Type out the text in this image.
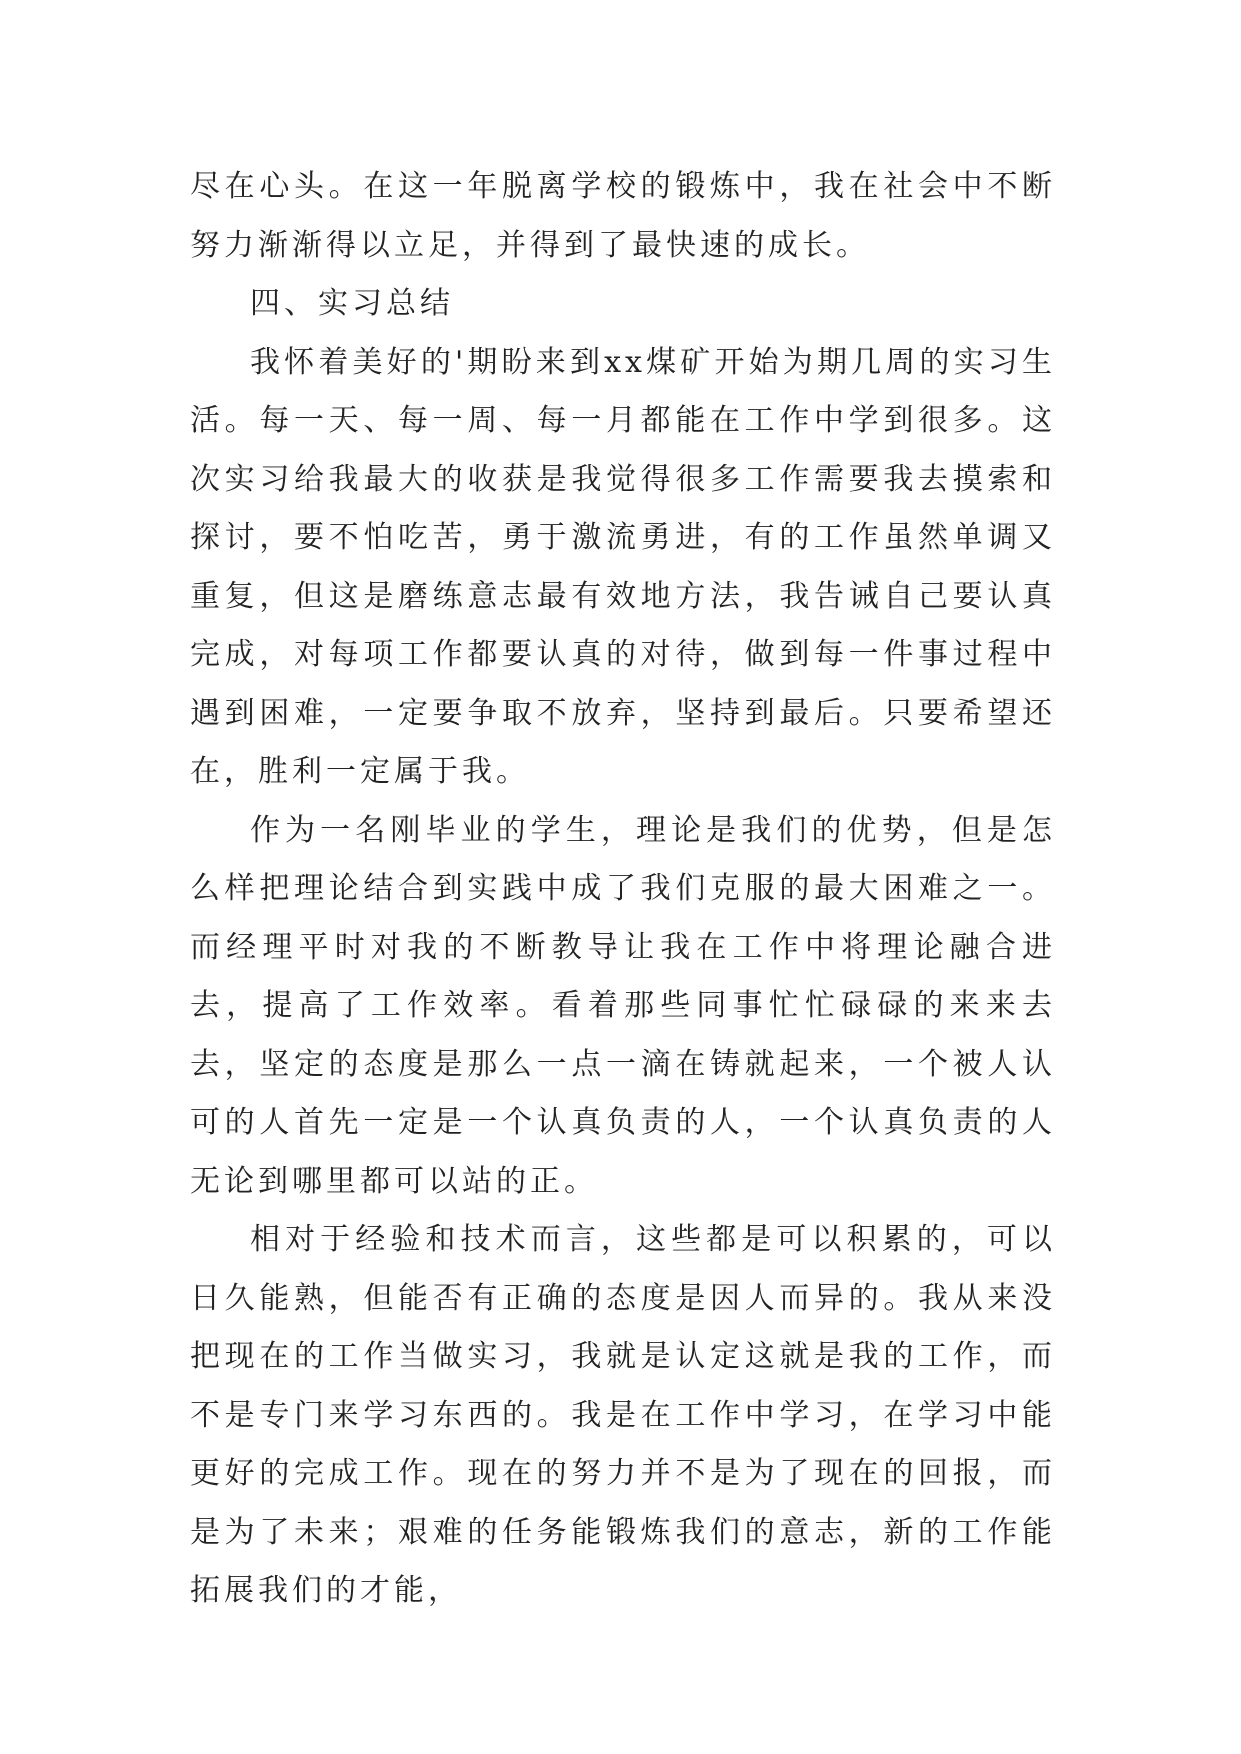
尽在心头。在这一年脱离学校的锻炼中，我在社会中不断努力渐渐得以立足，并得到了最快速的成长。

四、实习总结

我怀着美好的'期盼来到xx煤矿开始为期几周的实习生活。每一天、每一周、每一月都能在工作中学到很多。这次实习给我最大的收获是我觉得很多工作需要我去摸索和探讨，要不怕吃苦，勇于激流勇进，有的工作虽然单调又重复，但这是磨练意志最有效地方法，我告诫自己要认真完成，对每项工作都要认真的对待，做到每一件事过程中遇到困难，一定要争取不放弃，坚持到最后。只要希望还在，胜利一定属于我。

作为一名刚毕业的学生，理论是我们的优势，但是怎么样把理论结合到实践中成了我们克服的最大困难之一。而经理平时对我的不断教导让我在工作中将理论融合进去，提高了工作效率。看着那些同事忙忙碌碌的来来去去，坚定的态度是那么一点一滴在铸就起来，一个被人认可的人首先一定是一个认真负责的人，一个认真负责的人无论到哪里都可以站的正。

相对于经验和技术而言，这些都是可以积累的，可以日久能熟，但能否有正确的态度是因人而异的。我从来没把现在的工作当做实习，我就是认定这就是我的工作，而不是专门来学习东西的。我是在工作中学习，在学习中能更好的完成工作。现在的努力并不是为了现在的回报，而是为了未来；艰难的任务能锻炼我们的意志，新的工作能拓展我们的才能，
